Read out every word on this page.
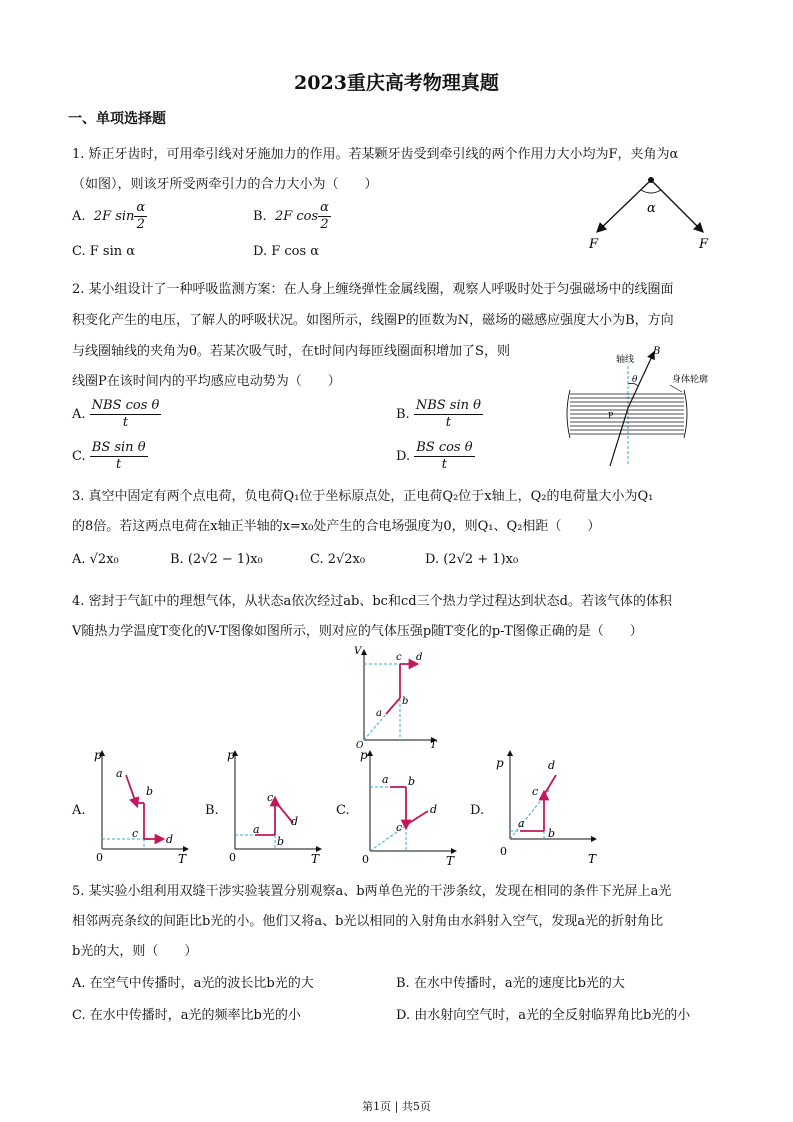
2023重庆高考物理真题
一、单项选择题
1. 矫正牙齿时，可用牵引线对牙施加力的作用。若某颗牙齿受到牵引线的两个作用力大小均为F，夹角为α
（如图），则该牙所受两牵引力的合力大小为（　　）
A. 2F $\sin \frac{\alpha}{2}$	B. 2F $\cos \frac{\alpha}{2}$
C. F sin α	D. F cos α
α
F	F
2. 某小组设计了一种呼吸监测方案：在人身上缠绕弹性金属线圈，观察人呼吸时处于匀强磁场中的线圈面
积变化产生的电压，了解人的呼吸状况。如图所示，线圈P的匝数为N，磁场的磁感应强度大小为B，方向
与线圈轴线的夹角为θ。若某次吸气时，在t时间内每匝线圈面积增加了S，则
线圈P在该时间内的平均感应电动势为（　　）
A. $\frac{\text{NBS cos θ}}{t}$	B. $\frac{\text{NBS sin θ}}{t}$
C. $\frac{\text{BS sin θ}}{t}$	D. $\frac{\text{BS cos θ}}{t}$
轴线
B
θ	身体轮廓
P
3. 真空中固定有两个点电荷，负电荷Q₁位于坐标原点处，正电荷Q₂位于x轴上，Q₂的电荷量大小为Q₁
的8倍。若这两点电荷在x轴正半轴的x=x₀处产生的合电场强度为0，则Q₁、Q₂相距（　　）
A. √2x₀	B. (2√2 − 1)x₀	C. 2√2x₀	D. (2√2 + 1)x₀
4. 密封于气缸中的理想气体，从状态a依次经过ab、bc和cd三个热力学过程达到状态d。若该气体的体积
V随热力学温度T变化的V-T图像如图所示，则对应的气体压强p随T变化的p-T图像正确的是（　　）
V
T
O
a
b
c d
A.
p
T
0
a
b
c	d
B.
p
T
0
a
b
c
d
C.
p
T
0
a b
c
d	D.
p
T
0
a
b
c
d
5. 某实验小组利用双缝干涉实验装置分别观察a、b两单色光的干涉条纹，发现在相同的条件下光屏上a光
相邻两亮条纹的间距比b光的小。他们又将a、b光以相同的入射角由水斜射入空气，发现a光的折射角比
b光的大，则（　　）
A. 在空气中传播时，a光的波长比b光的大	B. 在水中传播时，a光的速度比b光的大
C. 在水中传播时，a光的频率比b光的小	D. 由水射向空气时，a光的全反射临界角比b光的小
第1页 | 共5页
